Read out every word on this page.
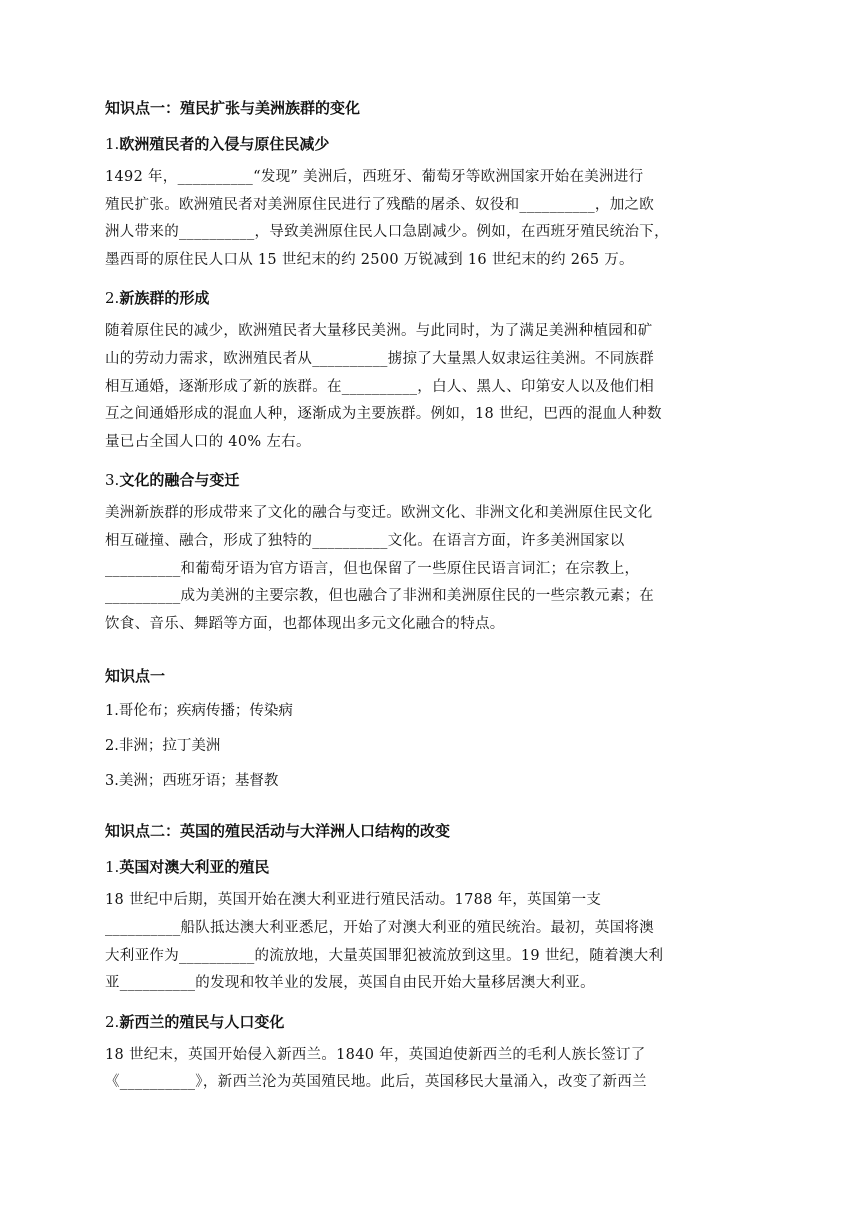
知识点一：殖民扩张与美洲族群的变化
1.欧洲殖民者的入侵与原住民减少

1492 年，__________“发现” 美洲后，西班牙、葡萄牙等欧洲国家开始在美洲进行
殖民扩张。欧洲殖民者对美洲原住民进行了残酷的屠杀、奴役和__________，加之欧
洲人带来的__________，导致美洲原住民人口急剧减少。例如，在西班牙殖民统治下，
墨西哥的原住民人口从 15 世纪末的约 2500 万锐减到 16 世纪末的约 265 万。

2.新族群的形成

随着原住民的减少，欧洲殖民者大量移民美洲。与此同时，为了满足美洲种植园和矿
山的劳动力需求，欧洲殖民者从__________掳掠了大量黑人奴隶运往美洲。不同族群
相互通婚，逐渐形成了新的族群。在__________，白人、黑人、印第安人以及他们相
互之间通婚形成的混血人种，逐渐成为主要族群。例如，18 世纪，巴西的混血人种数
量已占全国人口的 40% 左右。

3.文化的融合与变迁

美洲新族群的形成带来了文化的融合与变迁。欧洲文化、非洲文化和美洲原住民文化
相互碰撞、融合，形成了独特的__________文化。在语言方面，许多美洲国家以
__________和葡萄牙语为官方语言，但也保留了一些原住民语言词汇；在宗教上，
__________成为美洲的主要宗教，但也融合了非洲和美洲原住民的一些宗教元素；在
饮食、音乐、舞蹈等方面，也都体现出多元文化融合的特点。

知识点一

1.哥伦布；疾病传播；传染病

2.非洲；拉丁美洲

3.美洲；西班牙语；基督教

知识点二：英国的殖民活动与大洋洲人口结构的改变
1.英国对澳大利亚的殖民

18 世纪中后期，英国开始在澳大利亚进行殖民活动。1788 年，英国第一支
__________船队抵达澳大利亚悉尼，开始了对澳大利亚的殖民统治。最初，英国将澳
大利亚作为__________的流放地，大量英国罪犯被流放到这里。19 世纪，随着澳大利
亚__________的发现和牧羊业的发展，英国自由民开始大量移居澳大利亚。

2.新西兰的殖民与人口变化

18 世纪末，英国开始侵入新西兰。1840 年，英国迫使新西兰的毛利人族长签订了
《__________》，新西兰沦为英国殖民地。此后，英国移民大量涌入，改变了新西兰
